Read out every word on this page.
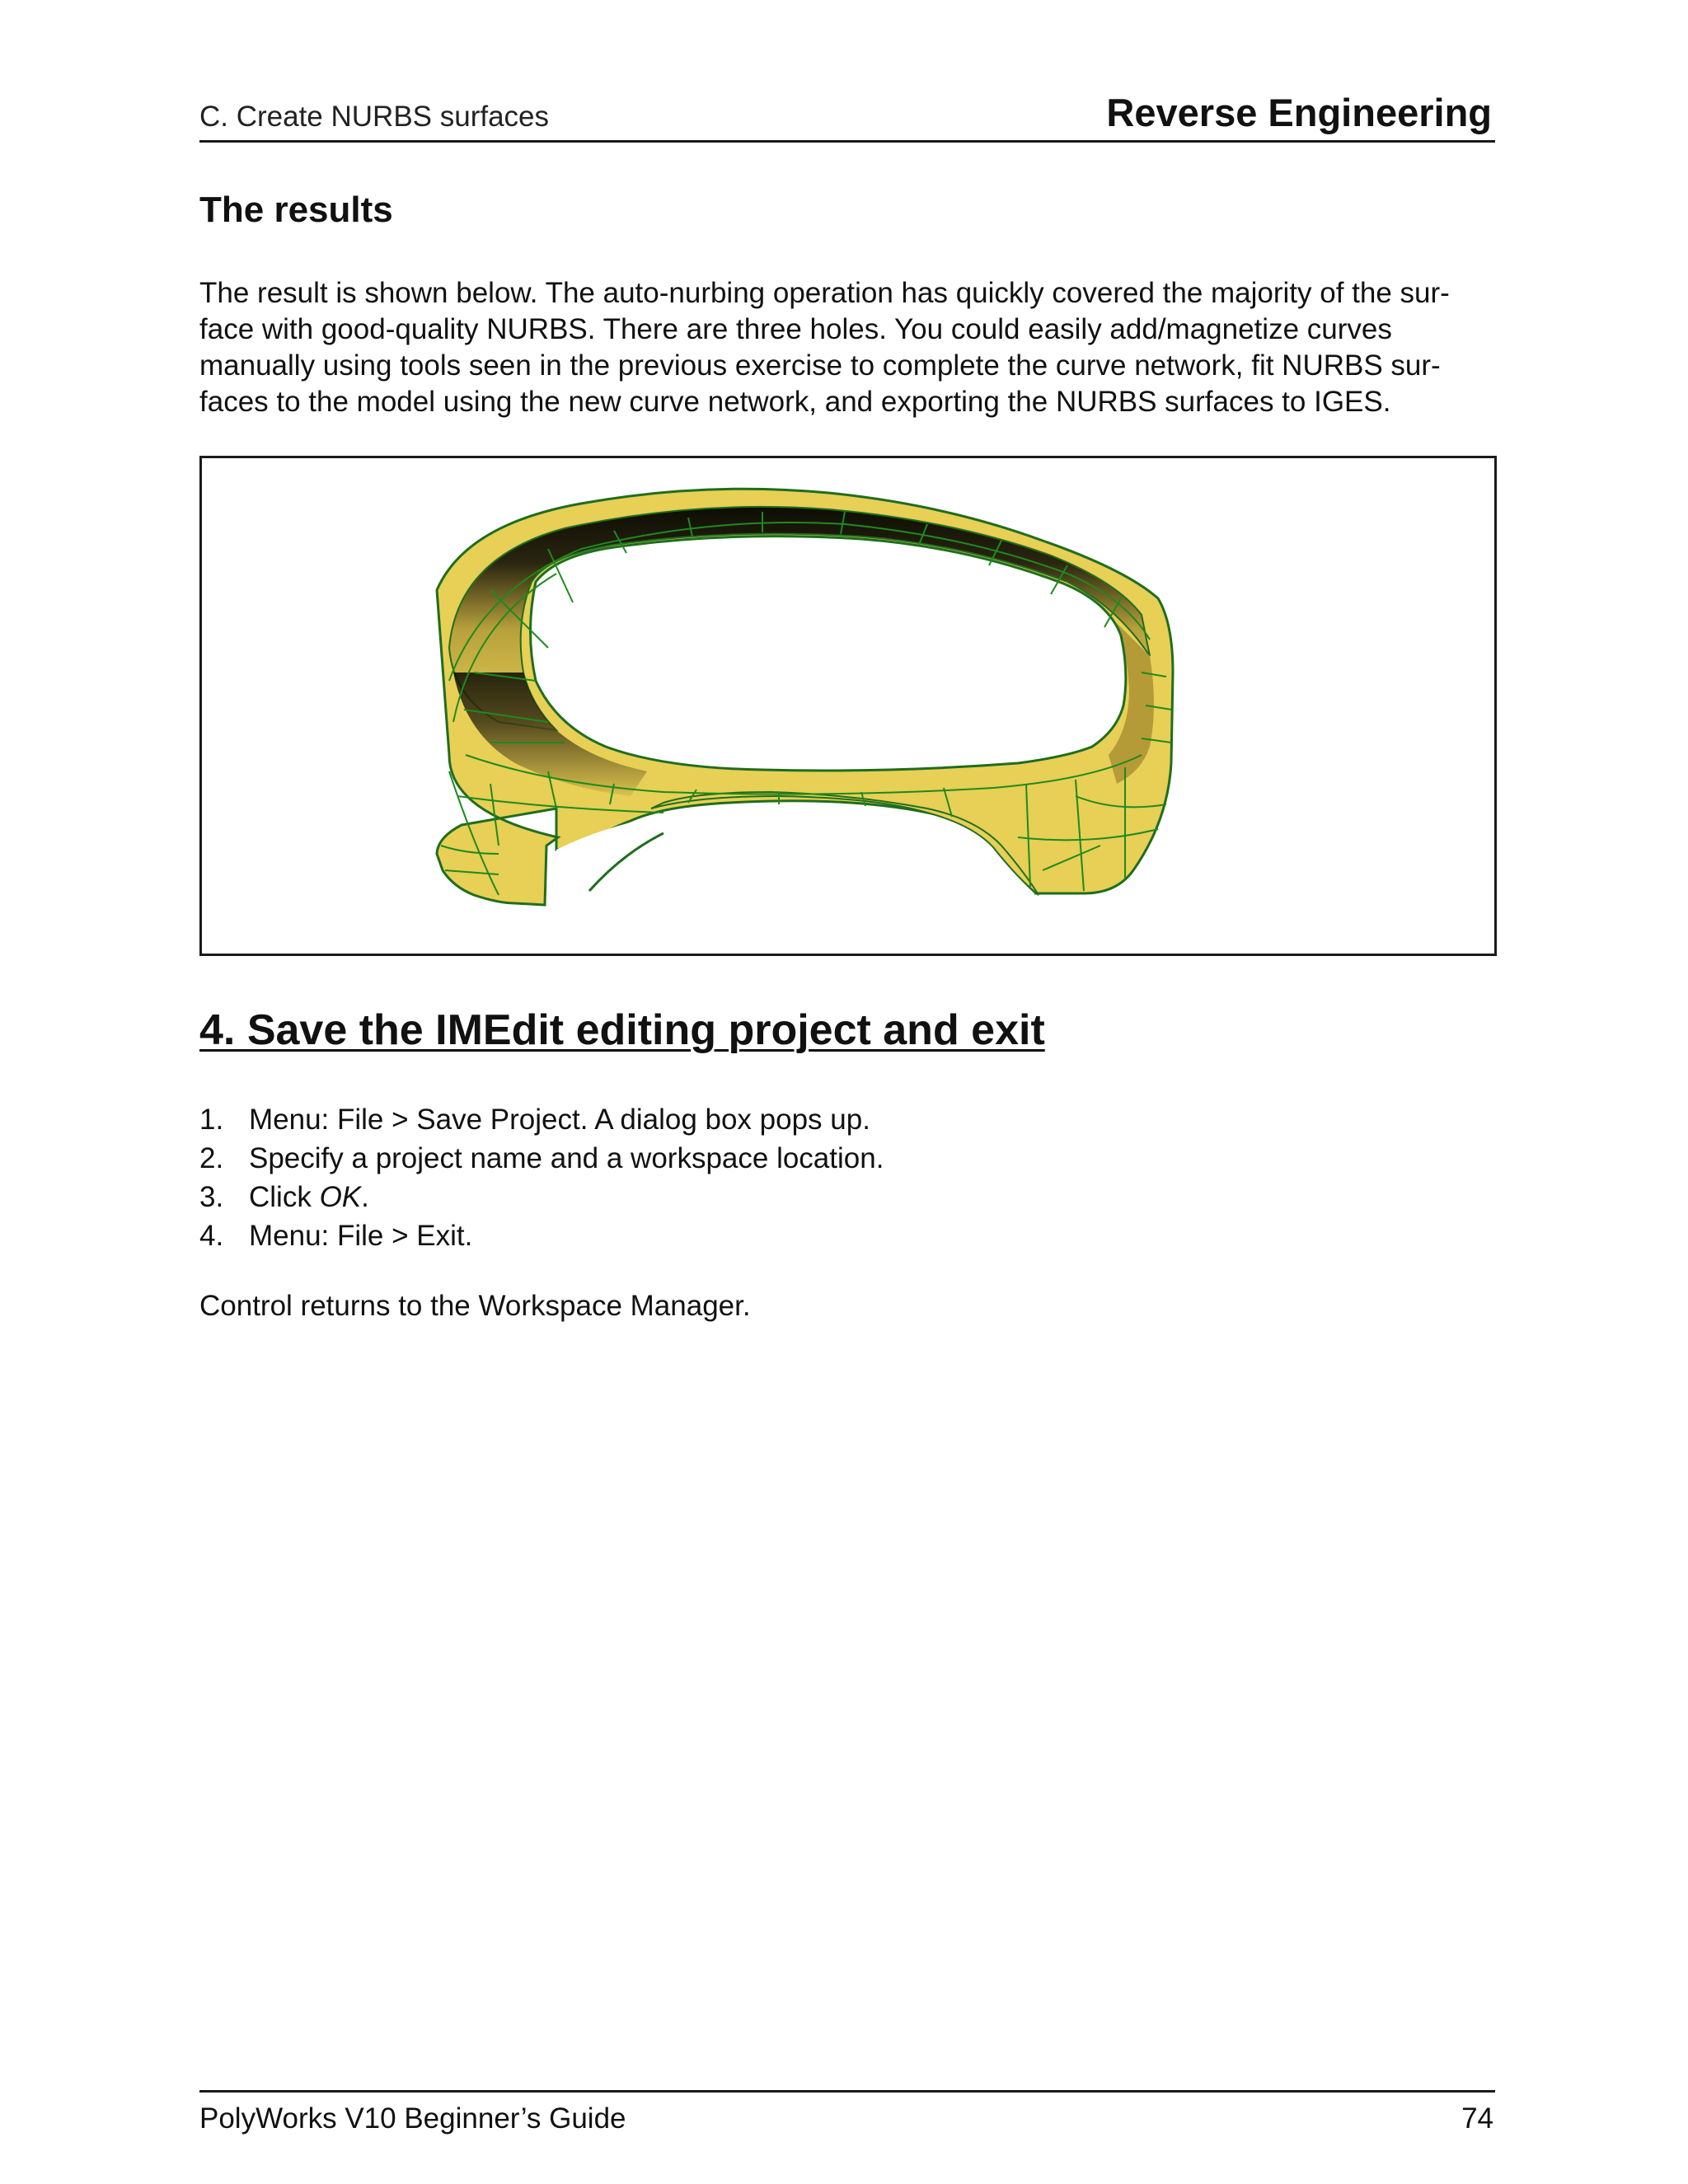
C. Create NURBS surfaces	Reverse Engineering
The results

The result is shown below. The auto-nurbing operation has quickly covered the majority of the sur-face with good-quality NURBS. There are three holes. You could easily add/magnetize curves manually using tools seen in the previous exercise to complete the curve network, fit NURBS sur-faces to the model using the new curve network, and exporting the NURBS surfaces to IGES.

4. Save the IMEdit editing project and exit
1. Menu: File > Save Project. A dialog box pops up.
2. Specify a project name and a workspace location.
3. Click OK.
4. Menu: File > Exit.

Control returns to the Workspace Manager.

PolyWorks V10 Beginner’s Guide	74
